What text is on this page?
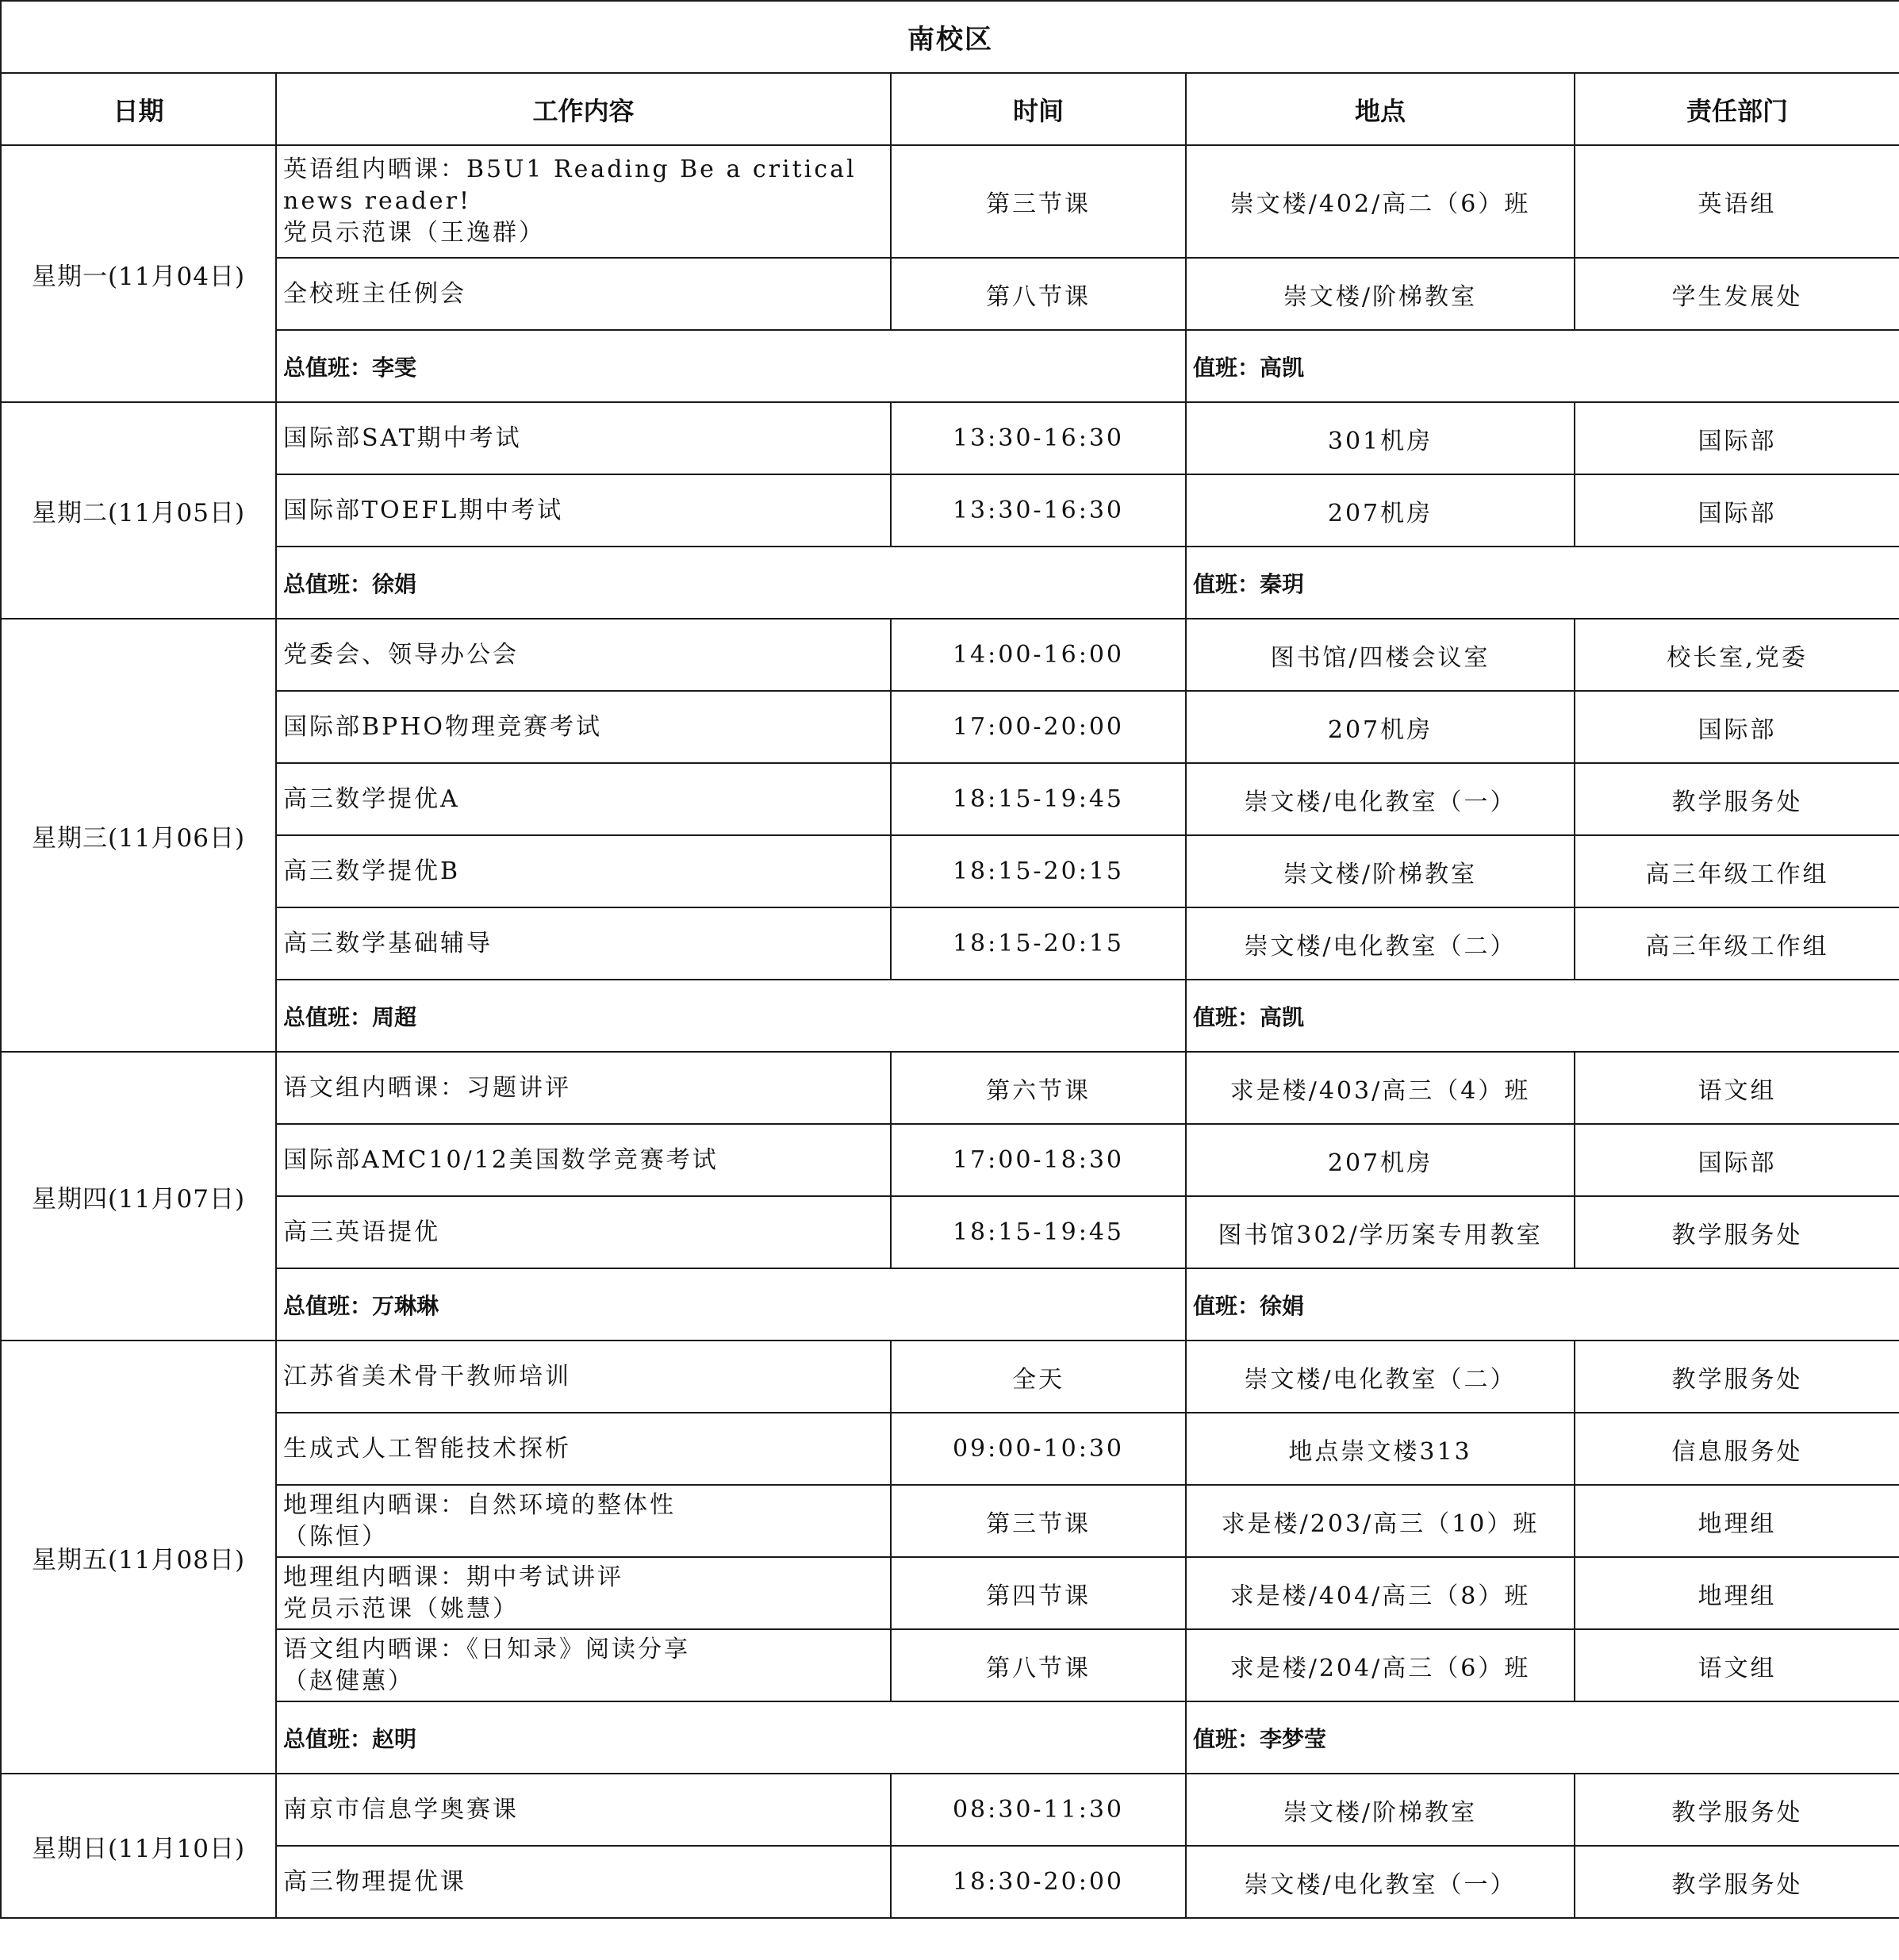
南校区				
日期	工作内容	时间	地点	责任部门
星期一(11月04日)	英语组内晒课：B5U1 Reading Be a critical
news reader!
党员示范课（王逸群）	第三节课	崇文楼/402/高二（6）班	英语组

	全校班主任例会	第八节课	崇文楼/阶梯教室	学生发展处
	总值班：李雯		值班：高凯	
星期二(11月05日)	国际部SAT期中考试	13:30-16:30	301机房	国际部

	国际部TOEFL期中考试	13:30-16:30	207机房	国际部
	总值班：徐娟		值班：秦玥	
星期三(11月06日)	党委会、领导办公会	14:00-16:00	图书馆/四楼会议室	校长室,党委

	国际部BPHO物理竞赛考试	17:00-20:00	207机房	国际部

	高三数学提优A	18:15-19:45	崇文楼/电化教室（一）	教学服务处

	高三数学提优B	18:15-20:15	崇文楼/阶梯教室	高三年级工作组

	高三数学基础辅导	18:15-20:15	崇文楼/电化教室（二）	高三年级工作组
	总值班：周超		值班：高凯	
星期四(11月07日)	语文组内晒课：习题讲评	第六节课	求是楼/403/高三（4）班	语文组

	国际部AMC10/12美国数学竞赛考试	17:00-18:30	207机房	国际部

	高三英语提优	18:15-19:45	图书馆302/学历案专用教室	教学服务处
	总值班：万琳琳		值班：徐娟	
星期五(11月08日)	江苏省美术骨干教师培训	全天	崇文楼/电化教室（二）	教学服务处

	生成式人工智能技术探析	09:00-10:30	地点崇文楼313	信息服务处

	地理组内晒课：自然环境的整体性
（陈恒）	第三节课	求是楼/203/高三（10）班	地理组

	地理组内晒课：期中考试讲评
党员示范课（姚慧）	第四节课	求是楼/404/高三（8）班	地理组

	语文组内晒课：《日知录》阅读分享
（赵健蕙）	第八节课	求是楼/204/高三（6）班	语文组
	总值班：赵明		值班：李梦莹	
星期日(11月10日)	南京市信息学奥赛课	08:30-11:30	崇文楼/阶梯教室	教学服务处

	高三物理提优课	18:30-20:00	崇文楼/电化教室（一）	教学服务处
